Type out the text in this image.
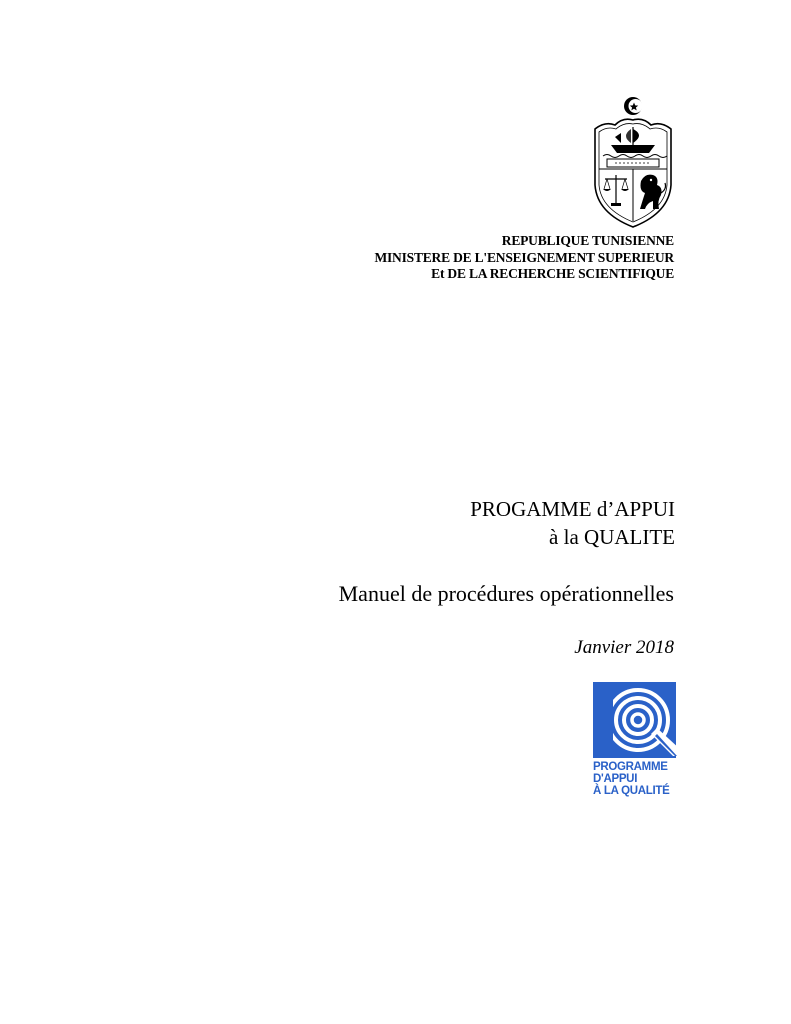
REPUBLIQUE TUNISIENNE
MINISTERE DE L'ENSEIGNEMENT SUPERIEUR
Et DE LA RECHERCHE SCIENTIFIQUE
PROGAMME d’APPUI
à la QUALITE
Manuel de procédures opérationnelles
Janvier 2018
PROGRAMME
D'APPUI
À LA QUALITÉ
